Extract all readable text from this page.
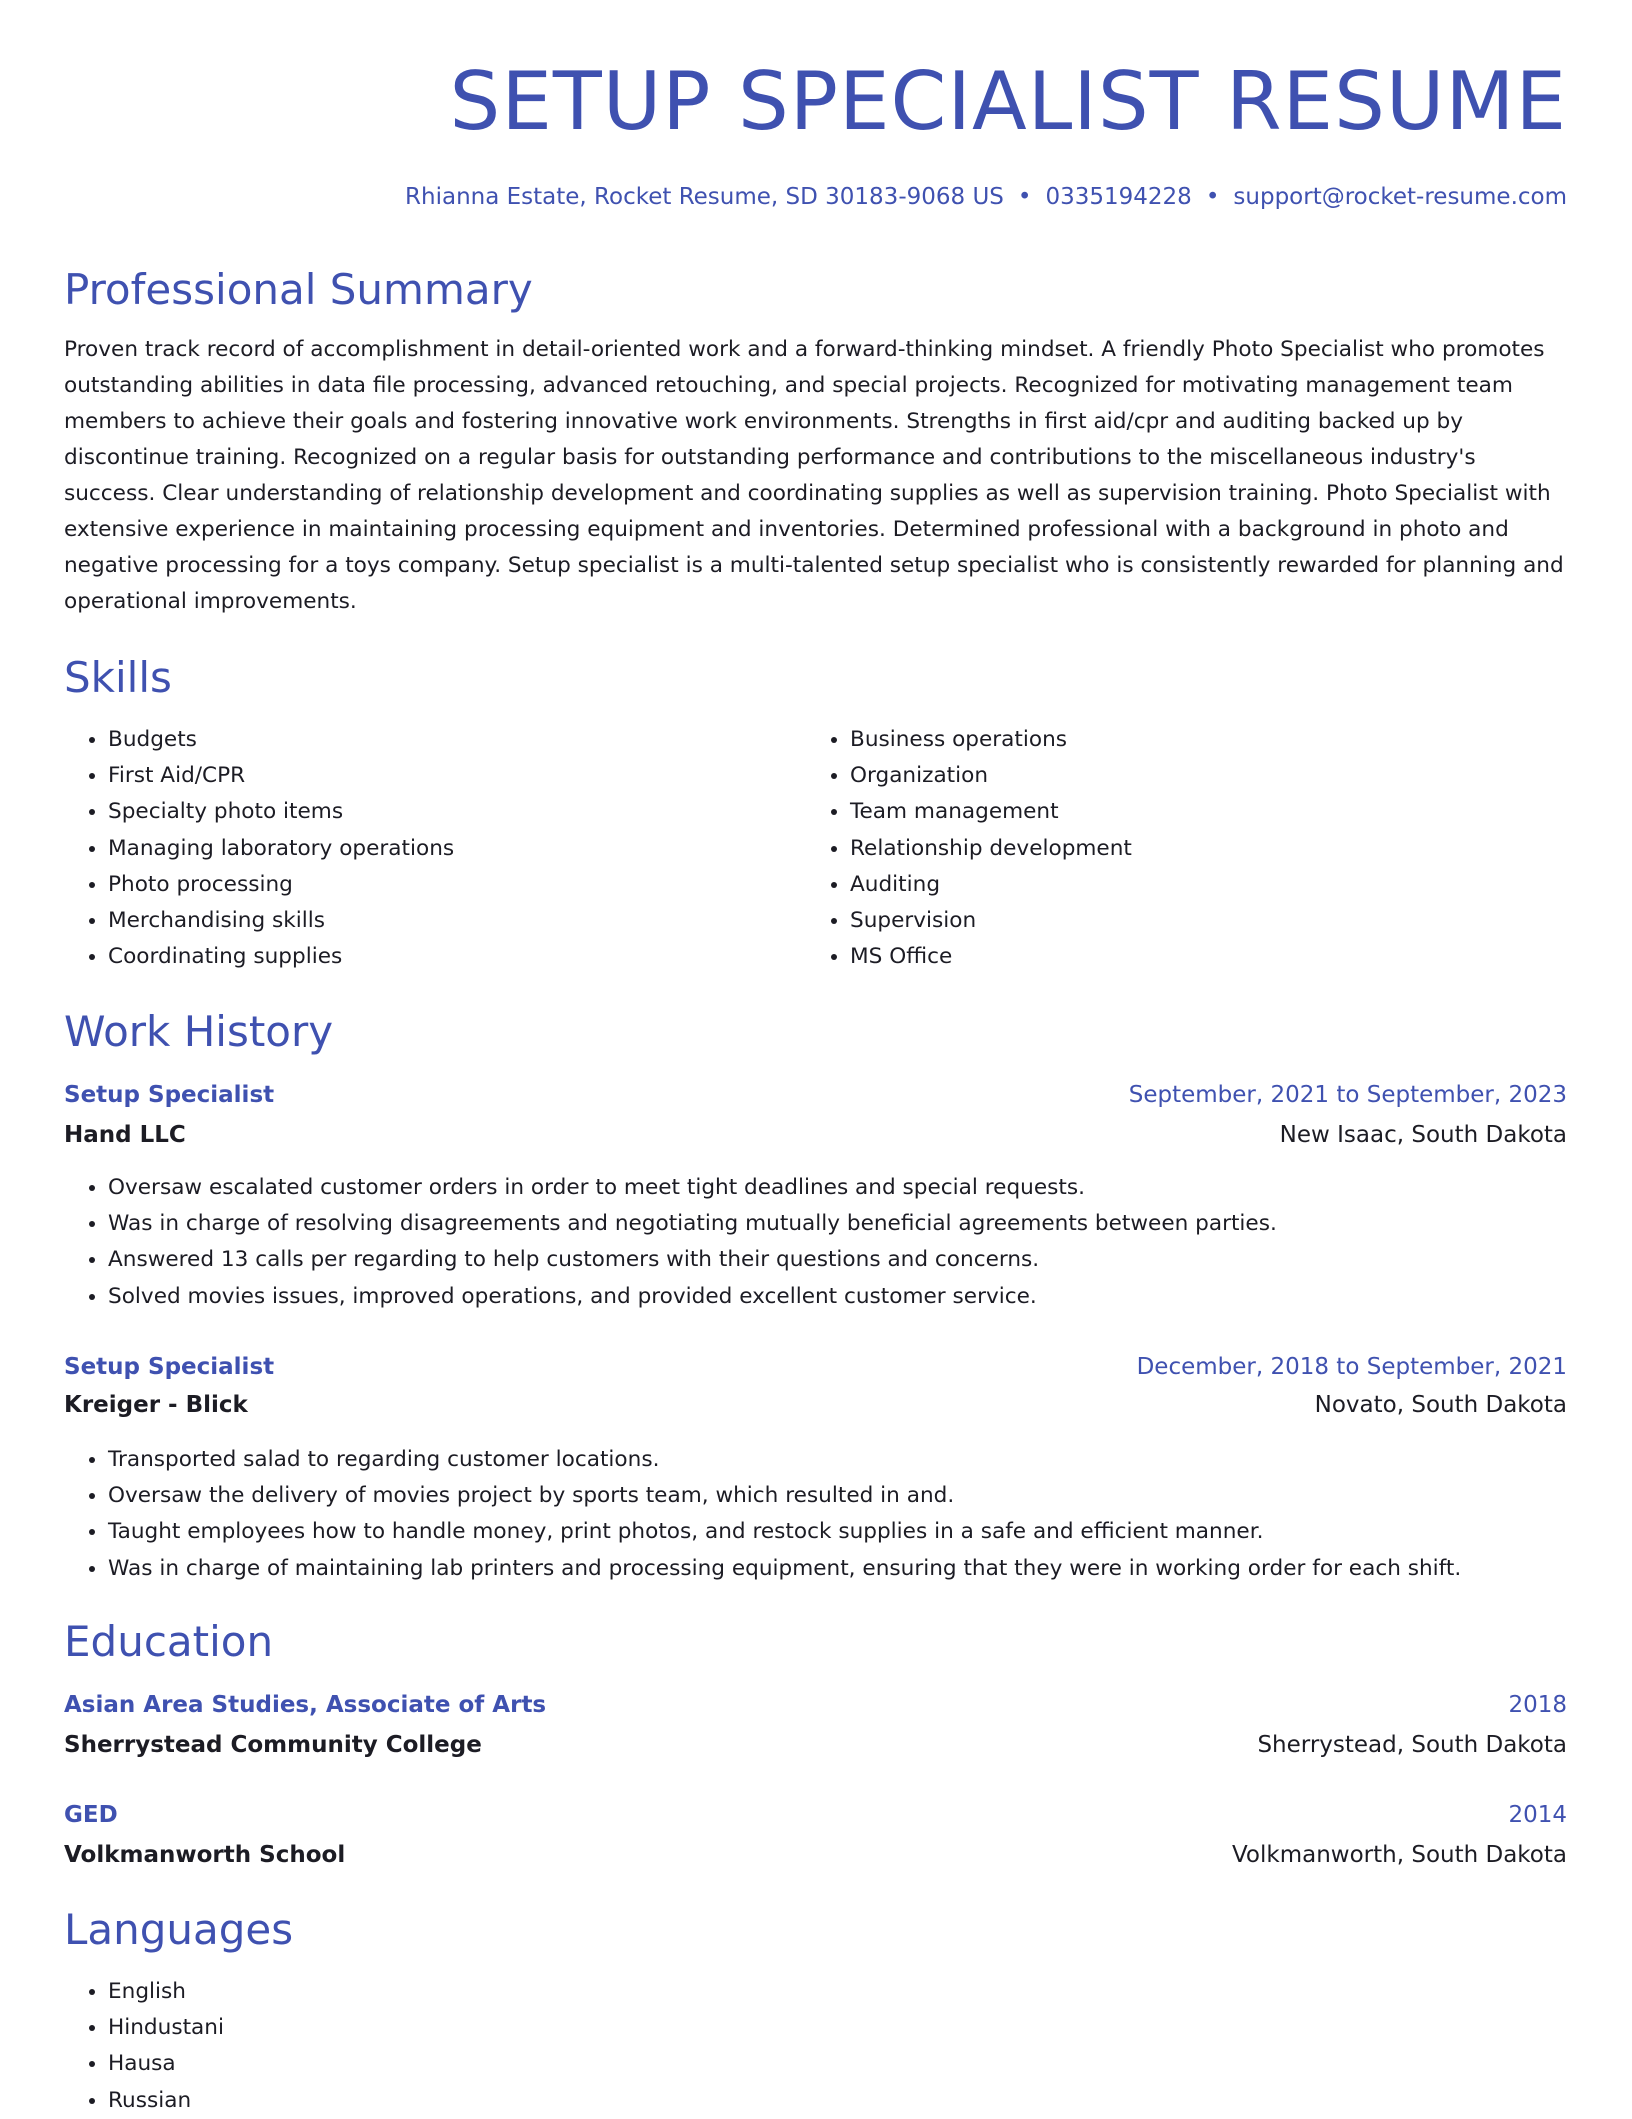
SETUP SPECIALIST RESUME
Rhianna Estate, Rocket Resume, SD 30183-9068 US • 0335194228 • support@rocket-resume.com
Professional Summary

Proven track record of accomplishment in detail-oriented work and a forward-thinking mindset. A friendly Photo Specialist who promotes outstanding abilities in data file processing, advanced retouching, and special projects. Recognized for motivating management team members to achieve their goals and fostering innovative work environments. Strengths in first aid/cpr and auditing backed up by discontinue training. Recognized on a regular basis for outstanding performance and contributions to the miscellaneous industry's success. Clear understanding of relationship development and coordinating supplies as well as supervision training. Photo Specialist with extensive experience in maintaining processing equipment and inventories. Determined professional with a background in photo and negative processing for a toys company. Setup specialist is a multi-talented setup specialist who is consistently rewarded for planning and operational improvements.

Skills
• Budgets
• First Aid/CPR
• Specialty photo items
• Managing laboratory operations
• Photo processing
• Merchandising skills
• Coordinating supplies
• Business operations
• Organization
• Team management
• Relationship development
• Auditing
• Supervision
• MS Office
Work History
Setup Specialist	September, 2021 to September, 2023
Hand LLC	New Isaac, South Dakota
• Oversaw escalated customer orders in order to meet tight deadlines and special requests.
• Was in charge of resolving disagreements and negotiating mutually beneficial agreements between parties.
• Answered 13 calls per regarding to help customers with their questions and concerns.
• Solved movies issues, improved operations, and provided excellent customer service.
Setup Specialist	December, 2018 to September, 2021
Kreiger - Blick	Novato, South Dakota
• Transported salad to regarding customer locations.
• Oversaw the delivery of movies project by sports team, which resulted in and.
• Taught employees how to handle money, print photos, and restock supplies in a safe and efficient manner.
• Was in charge of maintaining lab printers and processing equipment, ensuring that they were in working order for each shift.
Education
Asian Area Studies, Associate of Arts	2018
Sherrystead Community College	Sherrystead, South Dakota
GED	2014
Volkmanworth School	Volkmanworth, South Dakota
Languages
• English
• Hindustani
• Hausa
• Russian
